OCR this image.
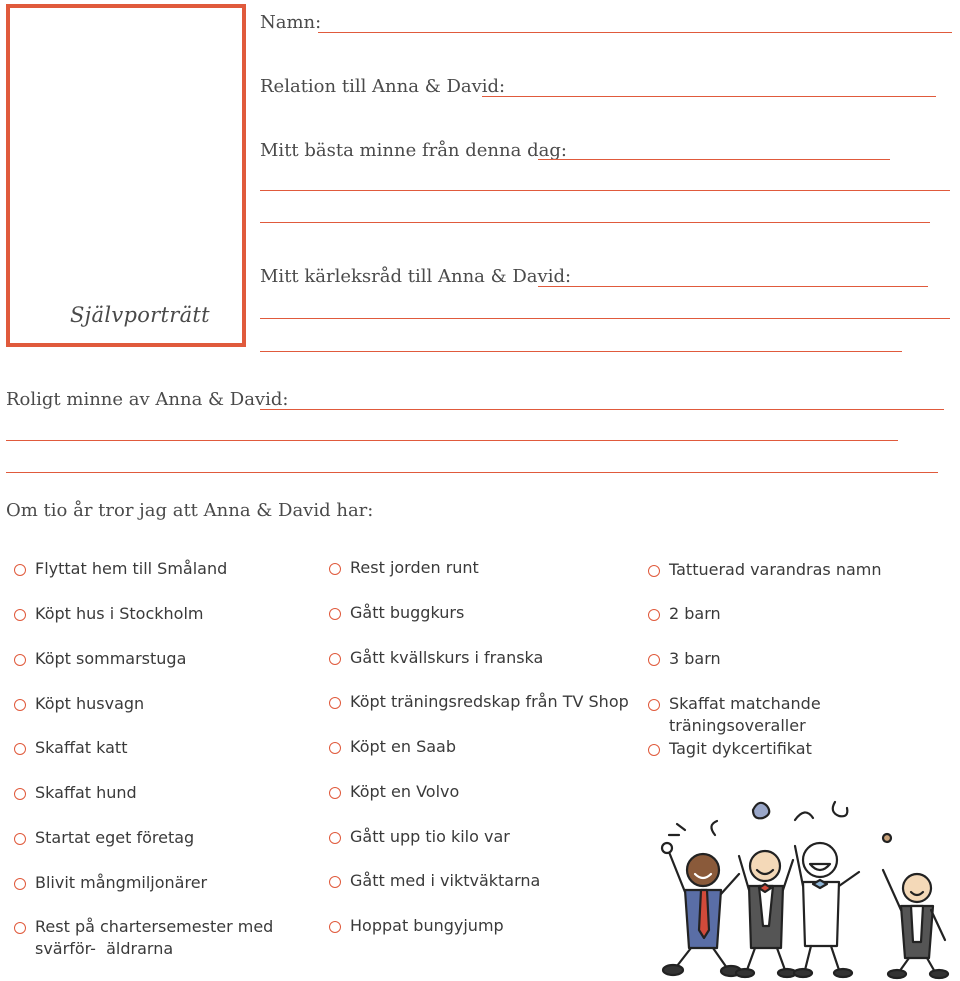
Självporträtt
Namn:
Relation till Anna & David:
Mitt bästa minne från denna dag:
Mitt kärleksråd till Anna & David:
Roligt minne av Anna & David:
Om tio år tror jag att Anna & David har:
Flyttat hem till Småland
Köpt hus i Stockholm
Köpt sommarstuga
Köpt husvagn
Skaffat katt
Skaffat hund
Startat eget företag
Blivit mångmiljonärer
Rest på chartersemester med svärför-  äldrarna
Rest jorden runt
Gått buggkurs
Gått kvällskurs i franska
Köpt träningsredskap från TV Shop
Köpt en Saab
Köpt en Volvo
Gått upp tio kilo var
Gått med i viktväktarna
Hoppat bungyjump
Tattuerad varandras namn
2 barn
3 barn
Skaffat matchande träningsoveraller
Tagit dykcertifikat
